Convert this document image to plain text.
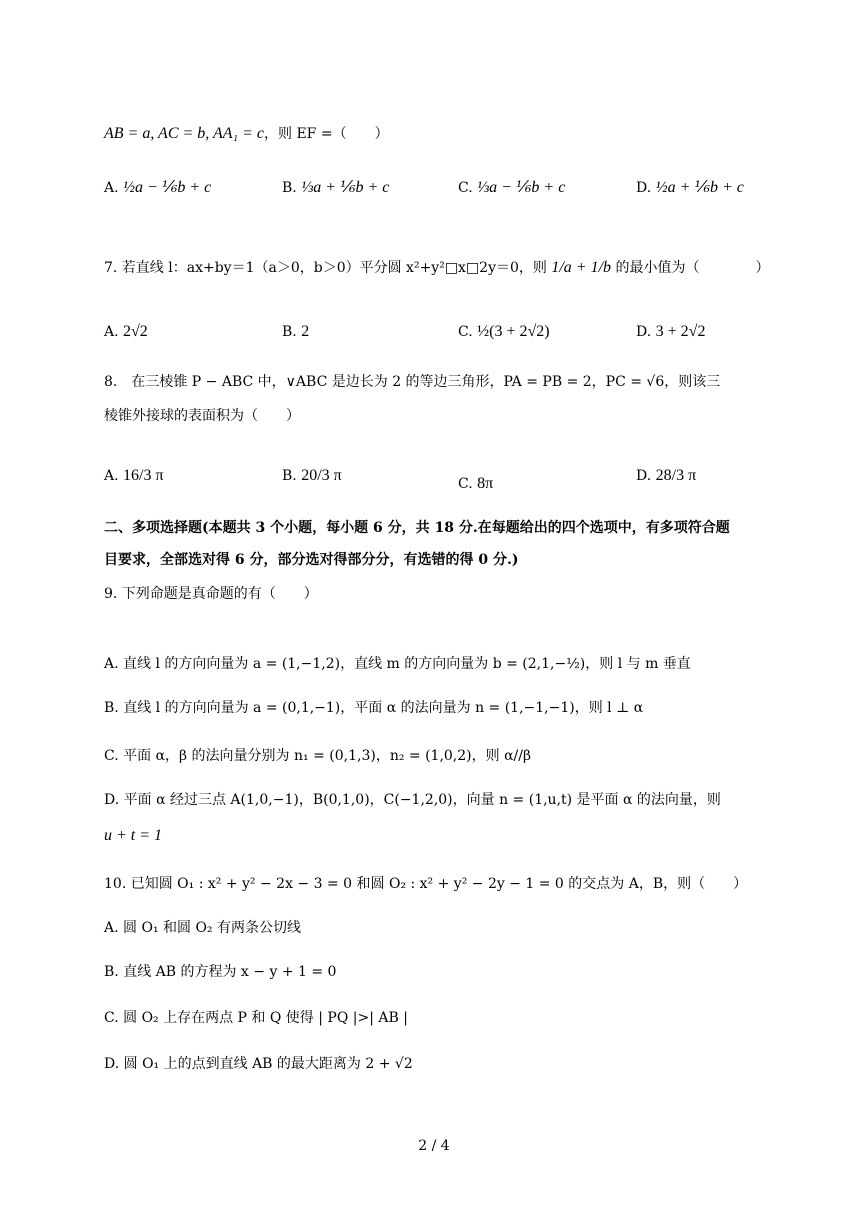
AB = a, AC = b, AA₁ = c，则 EF =（　　）
A. ½a − ⅙b + c	B. ⅓a + ⅙b + c	C. ⅓a − ⅙b + c	D. ½a + ⅙b + c
7. 若直线 l：ax+by＝1（a＞0，b＞0）平分圆 x²+y²□x□2y＝0，则 1/a + 1/b 的最小值为（　　　　）
A. 2√2	B. 2	C. ½(3 + 2√2)	D. 3 + 2√2
8.　在三棱锥 P − ABC 中，∨ABC 是边长为 2 的等边三角形，PA = PB = 2，PC = √6，则该三
棱锥外接球的表面积为（　　）
A. 16/3 π	B. 20/3 π	C. 8π	D. 28/3 π
二、多项选择题(本题共 3 个小题，每小题 6 分，共 18 分.在每题给出的四个选项中，有多项符合题
目要求，全部选对得 6 分，部分选对得部分分，有选错的得 0 分.)
9. 下列命题是真命题的有（　　）
A. 直线 l 的方向向量为 a = (1,−1,2)，直线 m 的方向向量为 b = (2,1,−½)，则 l 与 m 垂直
B. 直线 l 的方向向量为 a = (0,1,−1)，平面 α 的法向量为 n = (1,−1,−1)，则 l ⊥ α
C. 平面 α，β 的法向量分别为 n₁ = (0,1,3)，n₂ = (1,0,2)，则 α//β
D. 平面 α 经过三点 A(1,0,−1)，B(0,1,0)，C(−1,2,0)，向量 n = (1,u,t) 是平面 α 的法向量，则
u + t = 1
10. 已知圆 O₁ : x² + y² − 2x − 3 = 0 和圆 O₂ : x² + y² − 2y − 1 = 0 的交点为 A，B，则（　　）
A. 圆 O₁ 和圆 O₂ 有两条公切线
B. 直线 AB 的方程为 x − y + 1 = 0
C. 圆 O₂ 上存在两点 P 和 Q 使得 | PQ |>| AB |
D. 圆 O₁ 上的点到直线 AB 的最大距离为 2 + √2
2 / 4
